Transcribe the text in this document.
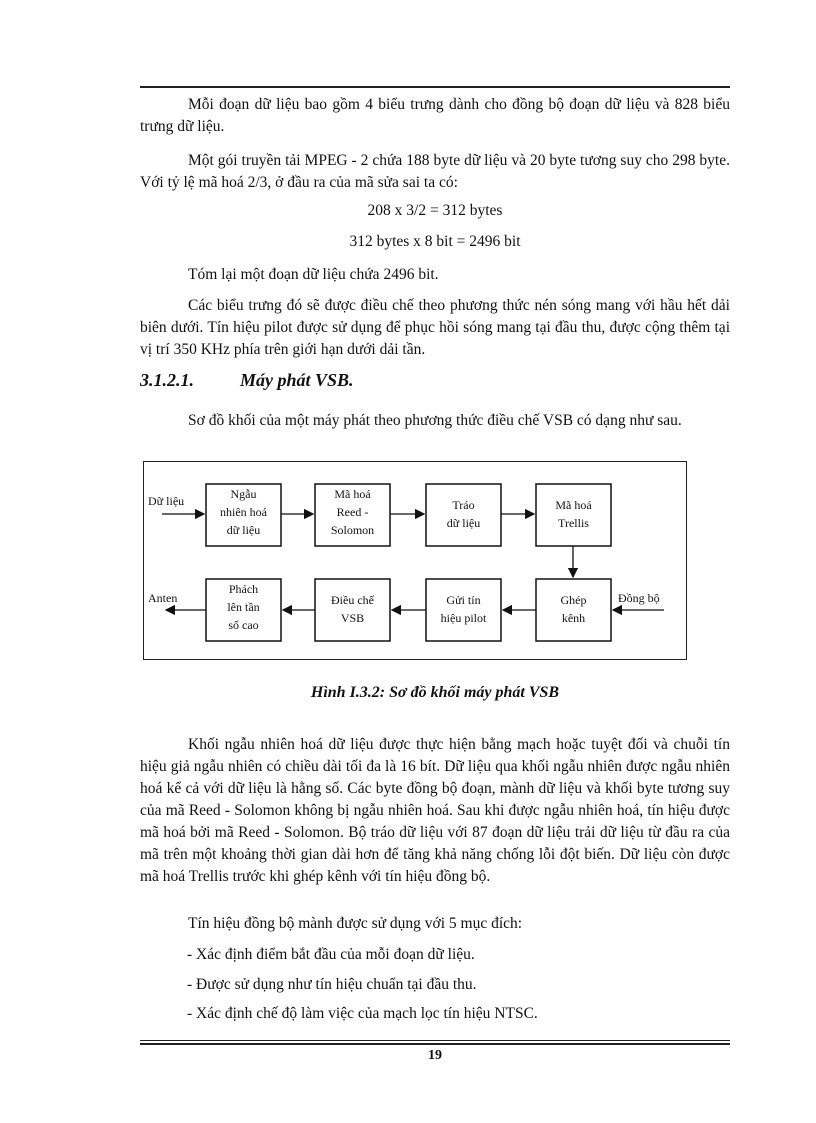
Mỗi đoạn dữ liệu bao gồm 4 biểu trưng dành cho đồng bộ đoạn dữ liệu và 828 biểu trưng dữ liệu.

Một gói truyền tải MPEG - 2 chứa 188 byte dữ liệu và 20 byte tương suy cho 298 byte. Với tỷ lệ mã hoá 2/3, ở đầu ra của mã sửa sai ta có:

208 x 3/2 = 312 bytes

312 bytes x 8 bit = 2496 bit

Tóm lại một đoạn dữ liệu chứa 2496 bit.

Các biểu trưng đó sẽ được điều chế theo phương thức nén sóng mang với hầu hết dải biên dưới. Tín hiệu pilot được sử dụng để phục hồi sóng mang tại đầu thu, được cộng thêm tại vị trí 350 KHz phía trên giới hạn dưới dải tần.

3.1.2.1.	Máy phát VSB.

Sơ đồ khối của một máy phát theo phương thức điều chế VSB có dạng như sau.

Dữ liệu
Anten	Đồng bộ
Ngẫu
nhiên hoá
dữ liệu
Mã hoá
Reed -
Solomon
Tráo
dữ liệu
Mã hoá
Trellis
Phách
lên tần
số cao
Điều chế
VSB
Gửi tín
hiệu pilot
Ghép
kênh

Hình I.3.2: Sơ đồ khối máy phát VSB

Khối ngẫu nhiên hoá dữ liệu được thực hiện bằng mạch hoặc tuyệt đối và chuỗi tín hiệu giả ngẫu nhiên có chiều dài tối đa là 16 bít. Dữ liệu qua khối ngẫu nhiên được ngẫu nhiên hoá kể cả với dữ liệu là hằng số. Các byte đồng bộ đoạn, mành dữ liệu và khối byte tương suy của mã Reed - Solomon không bị ngẫu nhiên hoá. Sau khi được ngẫu nhiên hoá, tín hiệu được mã hoá bởi mã Reed - Solomon. Bộ tráo dữ liệu với 87 đoạn dữ liệu trải dữ liệu từ đầu ra của mã trên một khoảng thời gian dài hơn để tăng khả năng chống lỗi đột biến. Dữ liệu còn được mã hoá Trellis trước khi ghép kênh với tín hiệu đồng bộ.

Tín hiệu đồng bộ mành được sử dụng với 5 mục đích:

- Xác định điểm bắt đầu của mỗi đoạn dữ liệu.

- Được sử dụng như tín hiệu chuẩn tại đầu thu.

- Xác định chế độ làm việc của mạch lọc tín hiệu NTSC.

19
